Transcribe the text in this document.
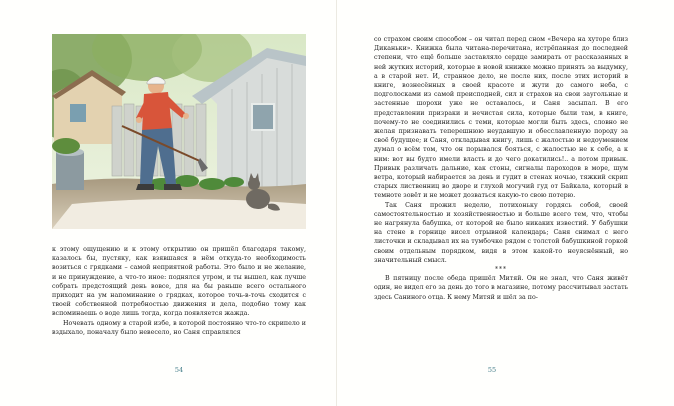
к этому ощущению и к этому открытию он пришёл благодаря такому, казалось бы, пустяку, как взявшаяся в нём откуда-то необходимость возиться с грядками – самой неприятной работы. Это было и не желание, и не принуждение, а что-то иное: поднялся утром, и ты вышел, как лучше собрать предстоящий день вовсе, для на бы раньше всего остального приходит на ум напоминание о грядках, которое точь-в-точь сходится с твоей собственной потребностью движения и дела, подобно тому как вспоминаешь о воде лишь тогда, когда появляется жажда.

Ночевать одному в старой избе, в которой постоянно что-то скрипело и вздыхало, поначалу было невесело, но Саня справлялся

54

со страхом своим способом – он читал перед сном «Вечера на хуторе близ Диканьки». Книжка была читана-перечитана, истрёпанная до последней степени, что ещё больше заставляло сердце замирать от рассказанных в ней жутких историй, которые в новой книжке можно принять за выдумку, а в старой нет. И, странное дело, не после них, после этих историй в книге, вознесённых в своей красоте и жути до самого неба, с подголосками из самой преисподней, сил и страхов на свои заугольные и застенные шорохи уже не оставалось, и Саня засыпал. В его представлении призраки и нечистая сила, которые были там, в книге, почему-то не соединились с теми, которые могли быть здесь, словно не желая признавать теперешнюю неудавшую и обесславленную породу за своё будущее; и Саня, откладывая книгу, лишь с жалостью и недоумением думал о всём том, что он порывался бояться, с жалостью не к себе, а к ним: вот вы будто имели власть и до чего докатились!.. а потом привык. Привык различать дальние, как стоны, сигналы пароходов в море, шум ветра, который набирается за день и гудит в стенах ночью, тяжкий скрип старых лиственниц во дворе и глухой могучий гуд от Байкала, который в темноте зовёт и не может дозваться какую-то свою потерю.

Так Саня прожил неделю, потихоньку гордясь собой, своей самостоятельностью и хозяйственностью и больше всего тем, что, чтобы не нагрянула бабушка, от которой не было никаких известий. У бабушки на стене в горнице висел отрывной календарь; Саня снимал с него листочки и складывал их на тумбочке рядом с толстой бабушкиной горкой своим отдельным порядком, видя в этом какой-то неуяснённый, но значительный смысл.

***

В пятницу после обеда пришёл Митяй. Он не знал, что Саня живёт один, не видел его за день до того в магазине, потому рассчитывал застать здесь Саниного отца. К нему Митяй и шёл за по-

55
